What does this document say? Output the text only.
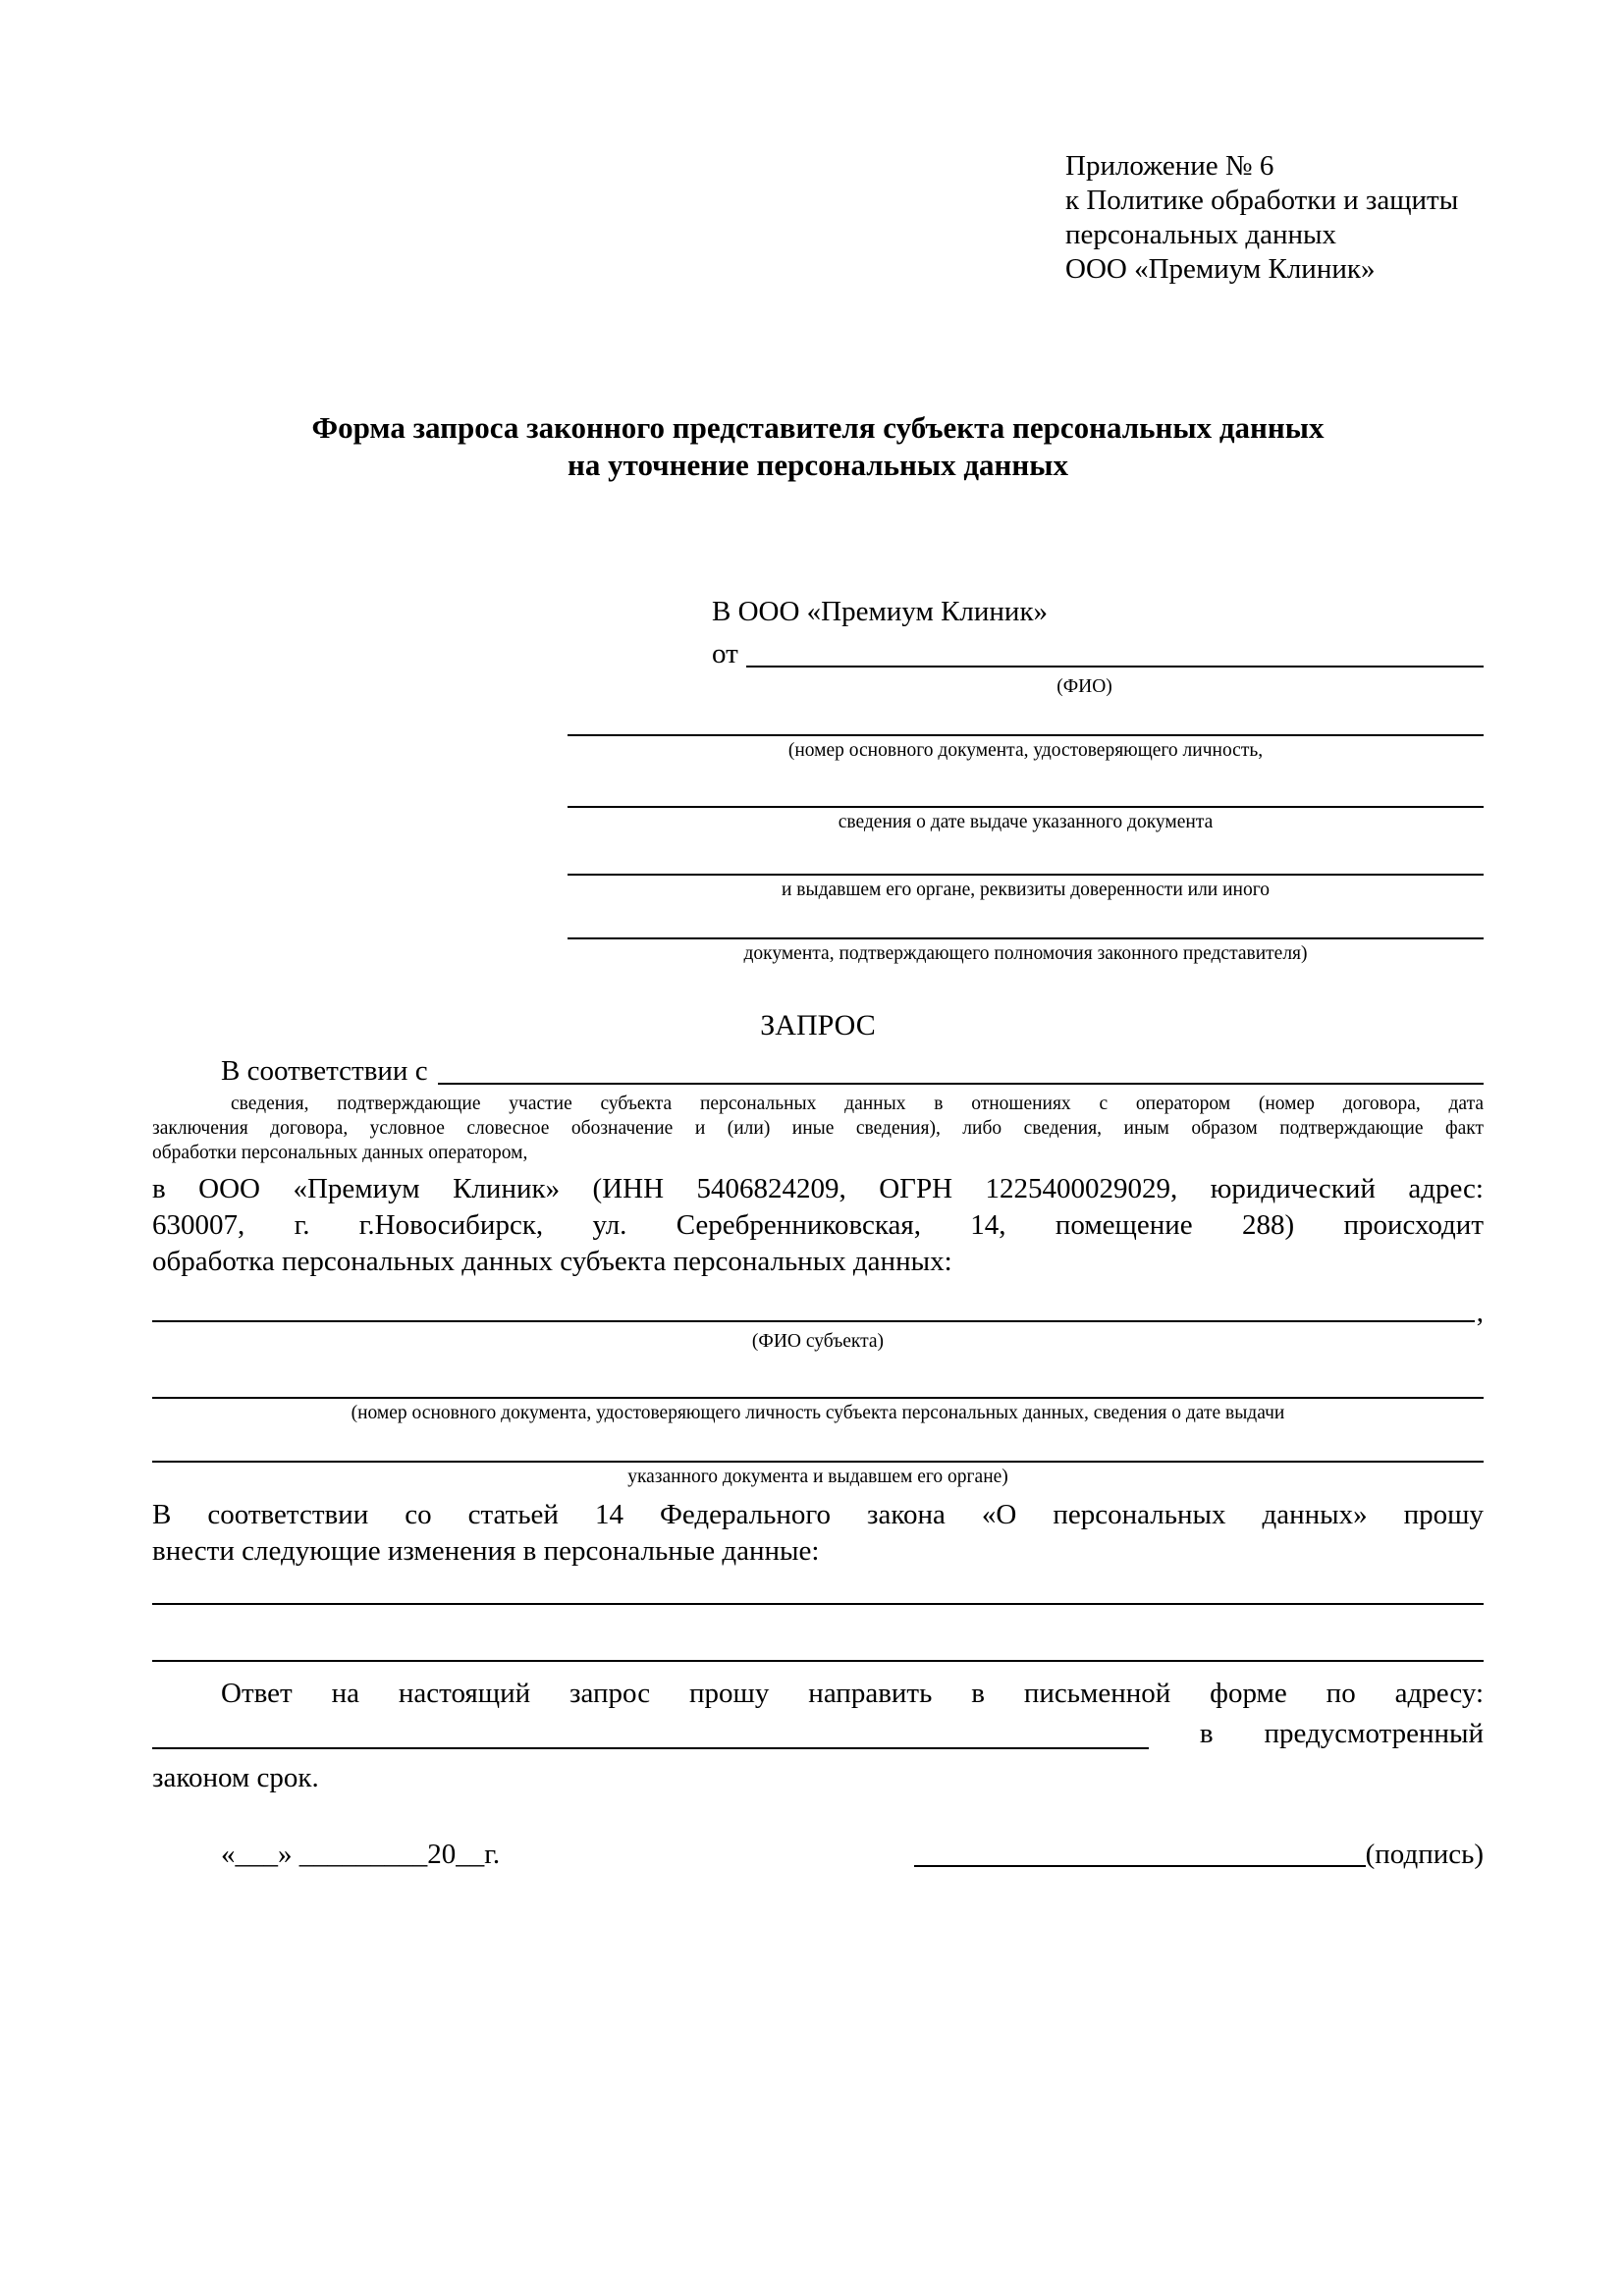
Приложение № 6
к Политике обработки и защиты
персональных данных
ООО «Премиум Клиник»
Форма запроса законного представителя субъекта персональных данных
на уточнение персональных данных
В ООО «Премиум Клиник»
от
(ФИО)
(номер основного документа, удостоверяющего личность,
сведения о дате выдаче указанного документа
и выдавшем его органе, реквизиты доверенности или иного
документа, подтверждающего полномочия законного представителя)
ЗАПРОС
В соответствии с
сведения, подтверждающие участие субъекта персональных данных в отношениях с оператором (номер договора, дата
заключения договора, условное словесное обозначение и (или) иные сведения), либо сведения, иным образом подтверждающие факт
обработки персональных данных оператором,
в ООО «Премиум Клиник» (ИНН 5406824209, ОГРН 1225400029029, юридический адрес:
630007, г. г.Новосибирск, ул. Серебренниковская, 14, помещение 288) происходит
обработка персональных данных субъекта персональных данных:
,
(ФИО субъекта)
(номер основного документа, удостоверяющего личность субъекта персональных данных, сведения о дате выдачи
указанного документа и выдавшем его органе)
В соответствии со статьей 14 Федерального закона «О персональных данных» прошу
внести следующие изменения в персональные данные:
Ответ на настоящий запрос прошу направить в письменной форме по адресу:
в предусмотренный
законом срок.
«___» _________20__г.	(подпись)
